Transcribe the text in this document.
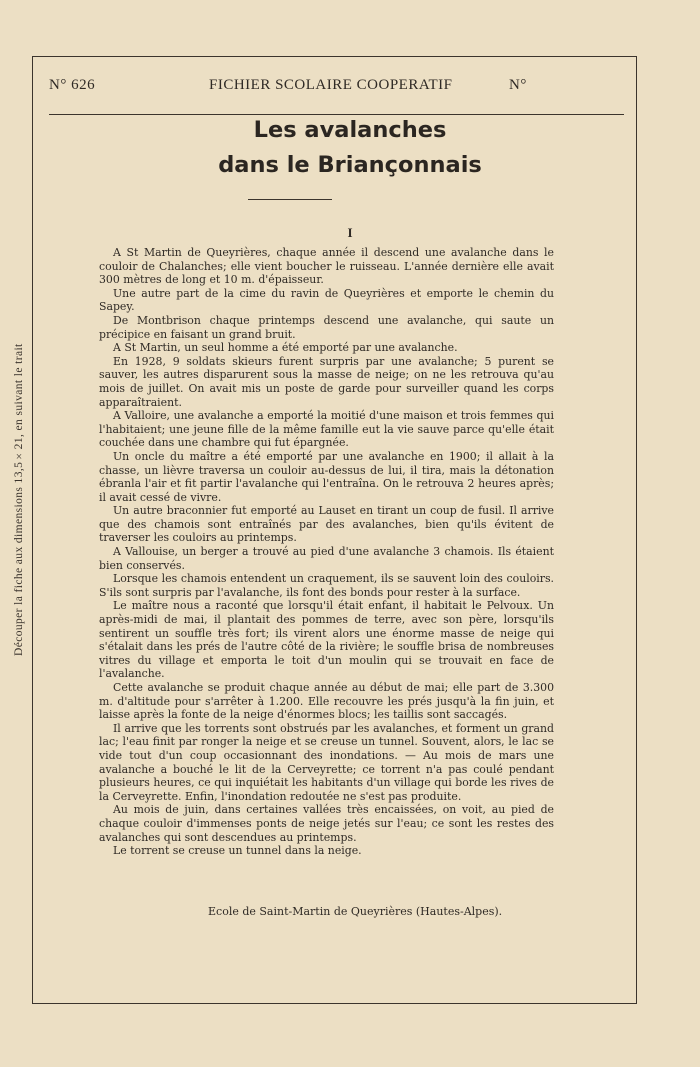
Découper la fiche aux dimensions 13,5×21, en suivant le trait
N° 626	FICHIER SCOLAIRE COOPERATIF	N°
Les avalanches
dans le Briançonnais
I

A St Martin de Queyrières, chaque année il descend une avalanche dans le couloir de Chalanches; elle vient boucher le ruisseau. L'année dernière elle avait 300 mètres de long et 10 m. d'épaisseur.

Une autre part de la cime du ravin de Queyrières et emporte le chemin du Sapey.

De Montbrison chaque printemps descend une avalanche, qui saute un précipice en faisant un grand bruit.

A St Martin, un seul homme a été emporté par une avalanche.

En 1928, 9 soldats skieurs furent surpris par une avalanche; 5 purent se sauver, les autres disparurent sous la masse de neige; on ne les retrouva qu'au mois de juillet. On avait mis un poste de garde pour surveiller quand les corps apparaîtraient.

A Valloire, une avalanche a emporté la moitié d'une maison et trois femmes qui l'habitaient; une jeune fille de la même famille eut la vie sauve parce qu'elle était couchée dans une chambre qui fut épargnée.

Un oncle du maître a été emporté par une avalanche en 1900; il allait à la chasse, un lièvre traversa un couloir au-dessus de lui, il tira, mais la détonation ébranla l'air et fit partir l'avalanche qui l'entraîna. On le retrouva 2 heures après; il avait cessé de vivre.

Un autre braconnier fut emporté au Lauset en tirant un coup de fusil. Il arrive que des chamois sont entraînés par des avalanches, bien qu'ils évitent de traverser les couloirs au printemps.

A Vallouise, un berger a trouvé au pied d'une avalanche 3 chamois. Ils étaient bien conservés.

Lorsque les chamois entendent un craquement, ils se sauvent loin des couloirs. S'ils sont surpris par l'avalanche, ils font des bonds pour rester à la surface.

Le maître nous a raconté que lorsqu'il était enfant, il habitait le Pelvoux. Un après-midi de mai, il plantait des pommes de terre, avec son père, lorsqu'ils sentirent un souffle très fort; ils virent alors une énorme masse de neige qui s'étalait dans les prés de l'autre côté de la rivière; le souffle brisa de nombreuses vitres du village et emporta le toit d'un moulin qui se trouvait en face de l'avalanche.

Cette avalanche se produit chaque année au début de mai; elle part de 3.300 m. d'altitude pour s'arrêter à 1.200. Elle recouvre les prés jusqu'à la fin juin, et laisse après la fonte de la neige d'énormes blocs; les taillis sont saccagés.

Il arrive que les torrents sont obstrués par les avalanches, et forment un grand lac; l'eau finit par ronger la neige et se creuse un tunnel. Souvent, alors, le lac se vide tout d'un coup occasionnant des inondations. — Au mois de mars une avalanche a bouché le lit de la Cerveyrette; ce torrent n'a pas coulé pendant plusieurs heures, ce qui inquiétait les habitants d'un village qui borde les rives de la Cerveyrette. Enfin, l'inondation redoutée ne s'est pas produite.

Au mois de juin, dans certaines vallées très encaissées, on voit, au pied de chaque couloir d'immenses ponts de neige jetés sur l'eau; ce sont les restes des avalanches qui sont descendues au printemps.

Le torrent se creuse un tunnel dans la neige.

Ecole de Saint-Martin de Queyrières (Hautes-Alpes).
